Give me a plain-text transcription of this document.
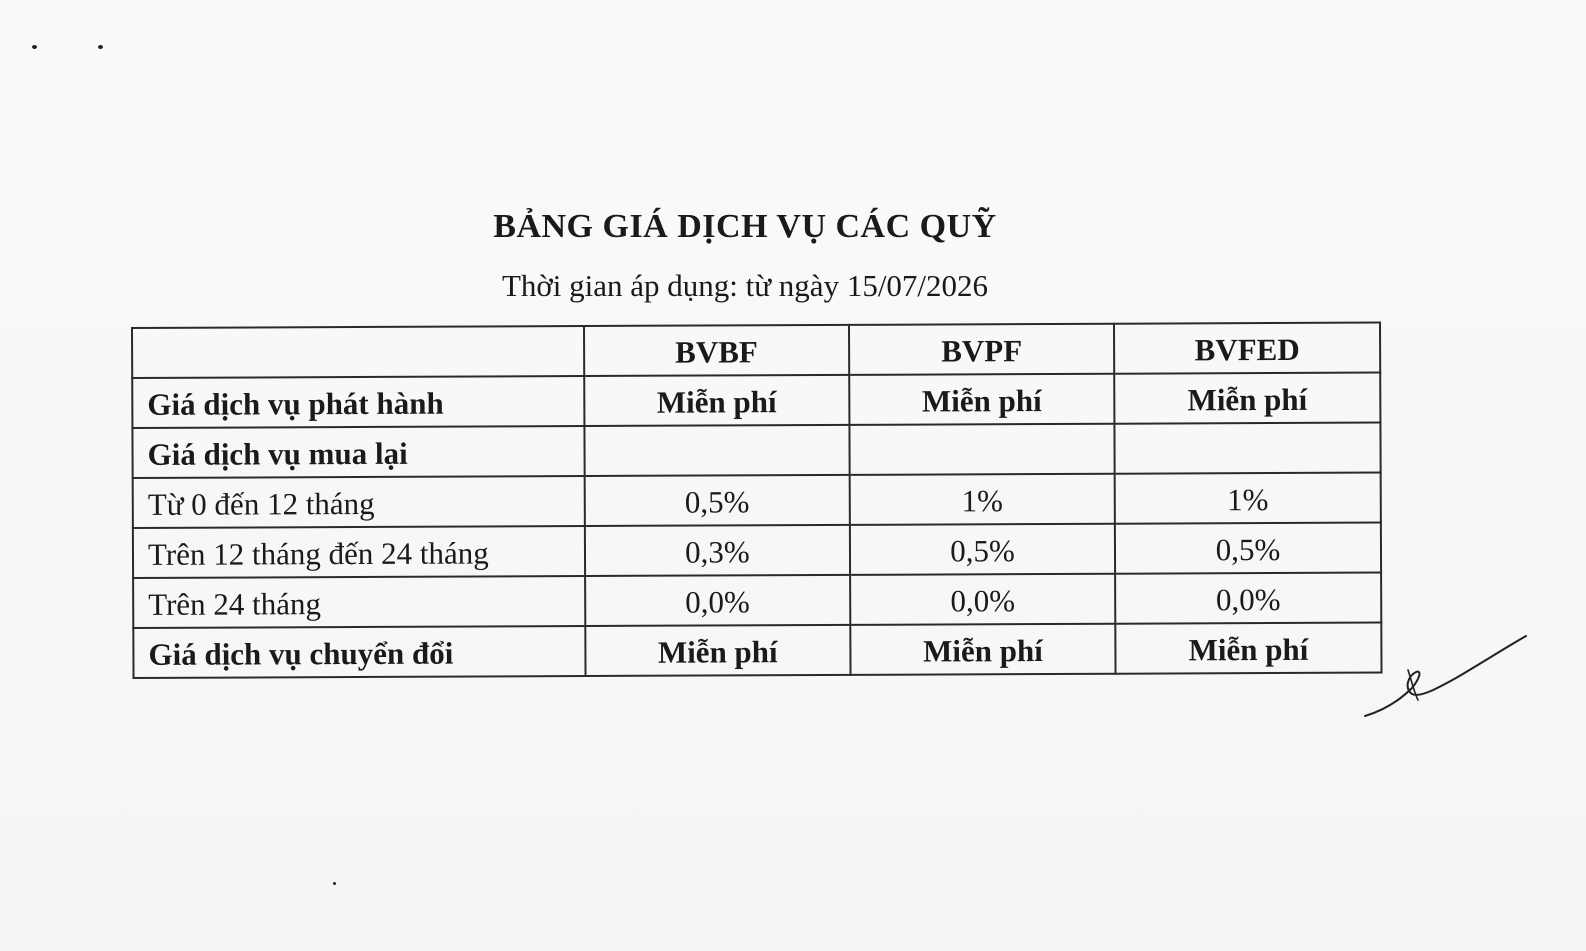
BẢNG GIÁ DỊCH VỤ CÁC QUỸ

Thời gian áp dụng: từ ngày 15/07/2026

	BVBF	BVPF	BVFED
Giá dịch vụ phát hành	Miễn phí	Miễn phí	Miễn phí
Giá dịch vụ mua lại			
Từ 0 đến 12 tháng	0,5%	1%	1%
Trên 12 tháng đến 24 tháng	0,3%	0,5%	0,5%
Trên 24 tháng	0,0%	0,0%	0,0%
Giá dịch vụ chuyển đổi	Miễn phí	Miễn phí	Miễn phí
